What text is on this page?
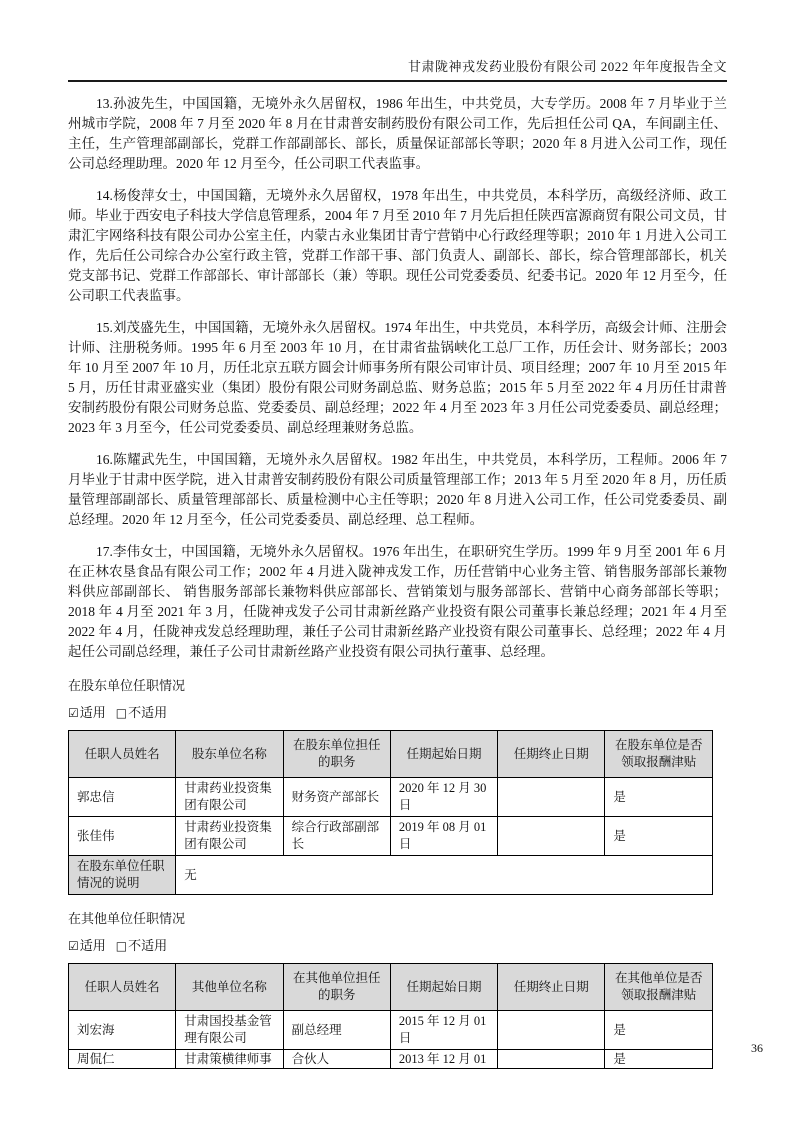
甘肃陇神戎发药业股份有限公司 2022 年年度报告全文

13.孙波先生，中国国籍，无境外永久居留权，1986 年出生，中共党员，大专学历。2008 年 7 月毕业于兰州城市学院，2008 年 7 月至 2020 年 8 月在甘肃普安制药股份有限公司工作，先后担任公司 QA，车间副主任、主任，生产管理部副部长，党群工作部副部长、部长，质量保证部部长等职；2020 年 8 月进入公司工作，现任公司总经理助理。2020 年 12 月至今，任公司职工代表监事。

14.杨俊萍女士，中国国籍，无境外永久居留权，1978 年出生，中共党员，本科学历，高级经济师、政工师。毕业于西安电子科技大学信息管理系，2004 年 7 月至 2010 年 7 月先后担任陕西富源商贸有限公司文员，甘肃汇宇网络科技有限公司办公室主任，内蒙古永业集团甘青宁营销中心行政经理等职；2010 年 1 月进入公司工作，先后任公司综合办公室行政主管，党群工作部干事、部门负责人、副部长、部长，综合管理部部长，机关党支部书记、党群工作部部长、审计部部长（兼）等职。现任公司党委委员、纪委书记。2020 年 12 月至今，任公司职工代表监事。

15.刘茂盛先生，中国国籍，无境外永久居留权。1974 年出生，中共党员，本科学历，高级会计师、注册会计师、注册税务师。1995 年 6 月至 2003 年 10 月，在甘肃省盐锅峡化工总厂工作，历任会计、财务部长；2003 年 10 月至 2007 年 10 月，历任北京五联方圆会计师事务所有限公司审计员、项目经理；2007 年 10 月至 2015 年 5 月，历任甘肃亚盛实业（集团）股份有限公司财务副总监、财务总监；2015 年 5 月至 2022 年 4 月历任甘肃普安制药股份有限公司财务总监、党委委员、副总经理；2022 年 4 月至 2023 年 3 月任公司党委委员、副总经理；2023 年 3 月至今，任公司党委委员、副总经理兼财务总监。

16.陈耀武先生，中国国籍，无境外永久居留权。1982 年出生，中共党员，本科学历，工程师。2006 年 7 月毕业于甘肃中医学院，进入甘肃普安制药股份有限公司质量管理部工作；2013 年 5 月至 2020 年 8 月，历任质量管理部副部长、质量管理部部长、质量检测中心主任等职；2020 年 8 月进入公司工作，任公司党委委员、副总经理。2020 年 12 月至今，任公司党委委员、副总经理、总工程师。

17.李伟女士，中国国籍，无境外永久居留权。1976 年出生，在职研究生学历。1999 年 9 月至 2001 年 6 月在正林农垦食品有限公司工作；2002 年 4 月进入陇神戎发工作，历任营销中心业务主管、销售服务部部长兼物料供应部副部长、 销售服务部部长兼物料供应部部长、营销策划与服务部部长、营销中心商务部部长等职；2018 年 4 月至 2021 年 3 月，任陇神戎发子公司甘肃新丝路产业投资有限公司董事长兼总经理；2021 年 4 月至 2022 年 4 月，任陇神戎发总经理助理，兼任子公司甘肃新丝路产业投资有限公司董事长、总经理；2022 年 4 月起任公司副总经理，兼任子公司甘肃新丝路产业投资有限公司执行董事、总经理。

在股东单位任职情况
☑适用 □不适用
任职人员姓名	股东单位名称	在股东单位担任的职务	任期起始日期	任期终止日期	在股东单位是否领取报酬津贴
郭忠信	甘肃药业投资集团有限公司	财务资产部部长	2020 年 12 月 30 日		是
张佳伟	甘肃药业投资集团有限公司	综合行政部副部长	2019 年 08 月 01 日		是
在股东单位任职情况的说明	无				
在其他单位任职情况
☑适用 □不适用
任职人员姓名	其他单位名称	在其他单位担任的职务	任期起始日期	任期终止日期	在其他单位是否领取报酬津贴
刘宏海	甘肃国投基金管理有限公司	副总经理	2015 年 12 月 01 日		是
周侃仁	甘肃策横律师事	合伙人	2013 年 12 月 01		是
36
